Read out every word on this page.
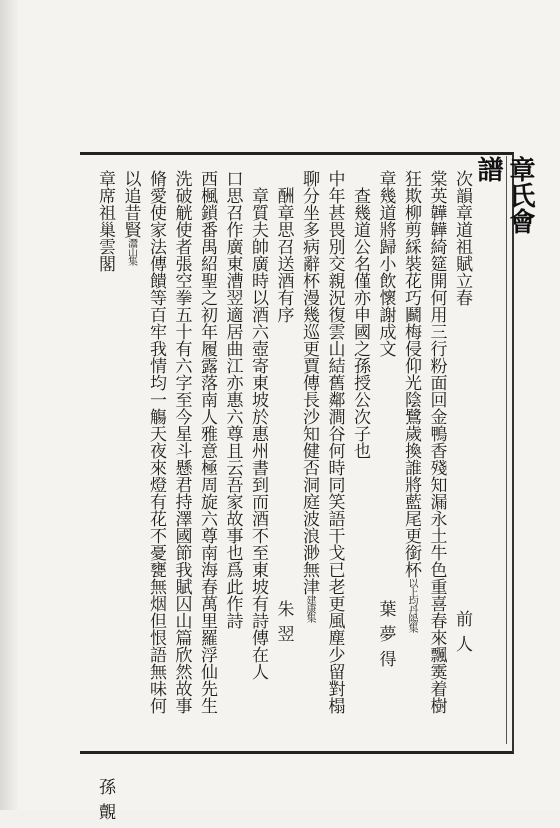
章氏會譜
次韻章道祖賦立春
前人
棠英韡韡綺筵開何用三行粉面回金鴨香殘知漏永土牛色重喜春來飄霙着樹
狂欺柳剪綵裝花巧鬬梅侵仰光陰鷺歲換誰將藍尾更銜杯以上均丹陽集
章幾道將歸小飲懷謝成文
葉夢得
　查幾道公名僅亦申國之孫授公次子也
中年甚畏別交親況復雲山結舊鄰澗谷何時同笑語干戈已老更風塵少留對榻
聊分坐多病辭杯漫幾巡更賈傳長沙知健否洞庭波浪渺無津建康集
　酬章思召送酒有序
朱翌
　章質夫帥廣時以酒六壺寄東坡於惠州書到而酒不至東坡有詩傳在人
口思召作廣東漕翌適居曲江亦惠六尊且云吾家故事也爲此作詩
西楓鎖番禺紹聖之初年履露落南人雅意極周旋六尊南海春萬里羅浮仙先生
洗破觥使者張空拳五十有六字至今星斗懸君持澤國節我賦囚山篇欣然故事
脩愛使家法傳饋等百牢我情均一觴天夜來燈有花不憂甕無烟但恨語無味何
以追昔賢灊山集
章席祖巢雲閣
孫覿
